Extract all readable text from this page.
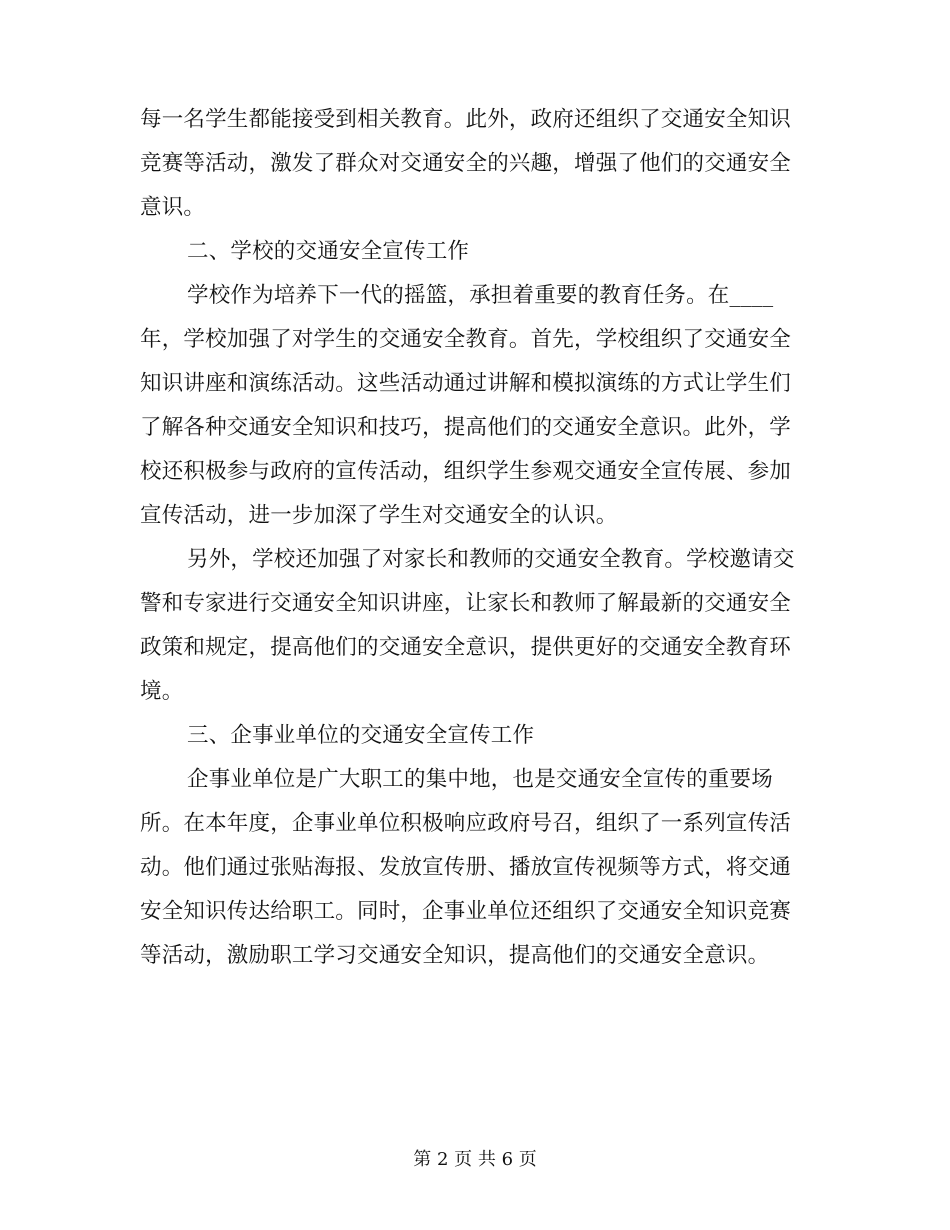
每一名学生都能接受到相关教育。此外，政府还组织了交通安全知识
竞赛等活动，激发了群众对交通安全的兴趣，增强了他们的交通安全
意识。
二、学校的交通安全宣传工作
学校作为培养下一代的摇篮，承担着重要的教育任务。在____
年，学校加强了对学生的交通安全教育。首先，学校组织了交通安全
知识讲座和演练活动。这些活动通过讲解和模拟演练的方式让学生们
了解各种交通安全知识和技巧，提高他们的交通安全意识。此外，学
校还积极参与政府的宣传活动，组织学生参观交通安全宣传展、参加
宣传活动，进一步加深了学生对交通安全的认识。
另外，学校还加强了对家长和教师的交通安全教育。学校邀请交
警和专家进行交通安全知识讲座，让家长和教师了解最新的交通安全
政策和规定，提高他们的交通安全意识，提供更好的交通安全教育环
境。
三、企事业单位的交通安全宣传工作
企事业单位是广大职工的集中地，也是交通安全宣传的重要场
所。在本年度，企事业单位积极响应政府号召，组织了一系列宣传活
动。他们通过张贴海报、发放宣传册、播放宣传视频等方式，将交通
安全知识传达给职工。同时，企事业单位还组织了交通安全知识竞赛
等活动，激励职工学习交通安全知识，提高他们的交通安全意识。
第 2 页 共 6 页
